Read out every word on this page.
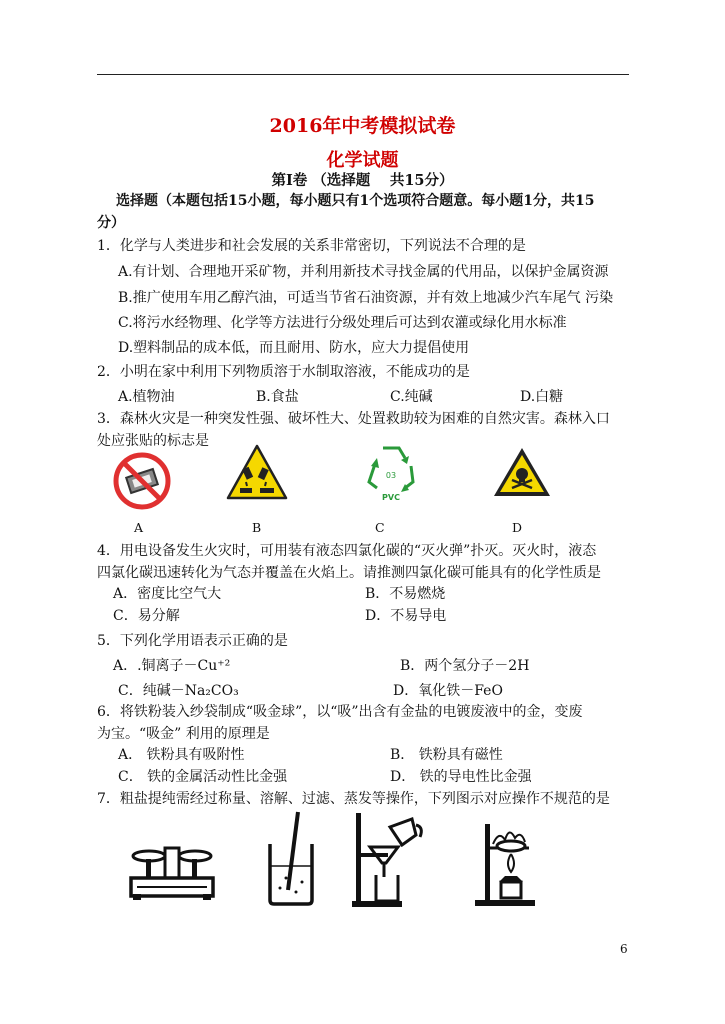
2016年中考模拟试卷
化学试题
第Ⅰ卷 （选择题　 共15分）
选择题（本题包括15小题，每小题只有1个选项符合题意。每小题1分，共15
分）
1．化学与人类进步和社会发展的关系非常密切，下列说法不合理的是
A.有计划、合理地开采矿物，并利用新技术寻找金属的代用品，以保护金属资源
B.推广使用车用乙醇汽油，可适当节省石油资源，并有效上地减少汽车尾气 污染
C.将污水经物理、化学等方法进行分级处理后可达到农灌或绿化用水标准
D.塑料制品的成本低，而且耐用、防水，应大力提倡使用
2．小明在家中利用下列物质溶于水制取溶液，不能成功的是
A.植物油	B.食盐	C.纯碱	D.白糖
3．森林火灾是一种突发性强、破坏性大、处置救助较为困难的自然灾害。森林入口
处应张贴的标志是
03
PVC
A	B	C	D
4．用电设备发生火灾时，可用装有液态四氯化碳的“灭火弹”扑灭。灭火时，液态
四氯化碳迅速转化为气态并覆盖在火焰上。请推测四氯化碳可能具有的化学性质是
A．密度比空气大	B．不易燃烧
C．易分解	D．不易导电
5．下列化学用语表示正确的是
A．.铜离子－Cu⁺²	B．两个氢分子－2H
C．纯碱－Na₂CO₃	D．氧化铁－FeO
6．将铁粉装入纱袋制成“吸金球”，以“吸”出含有金盐的电镀废液中的金，变废
为宝。“吸金” 利用的原理是
A． 铁粉具有吸附性	B． 铁粉具有磁性
C． 铁的金属活动性比金强	D． 铁的导电性比金强
7．粗盐提纯需经过称量、溶解、过滤、蒸发等操作，下列图示对应操作不规范的是
6
